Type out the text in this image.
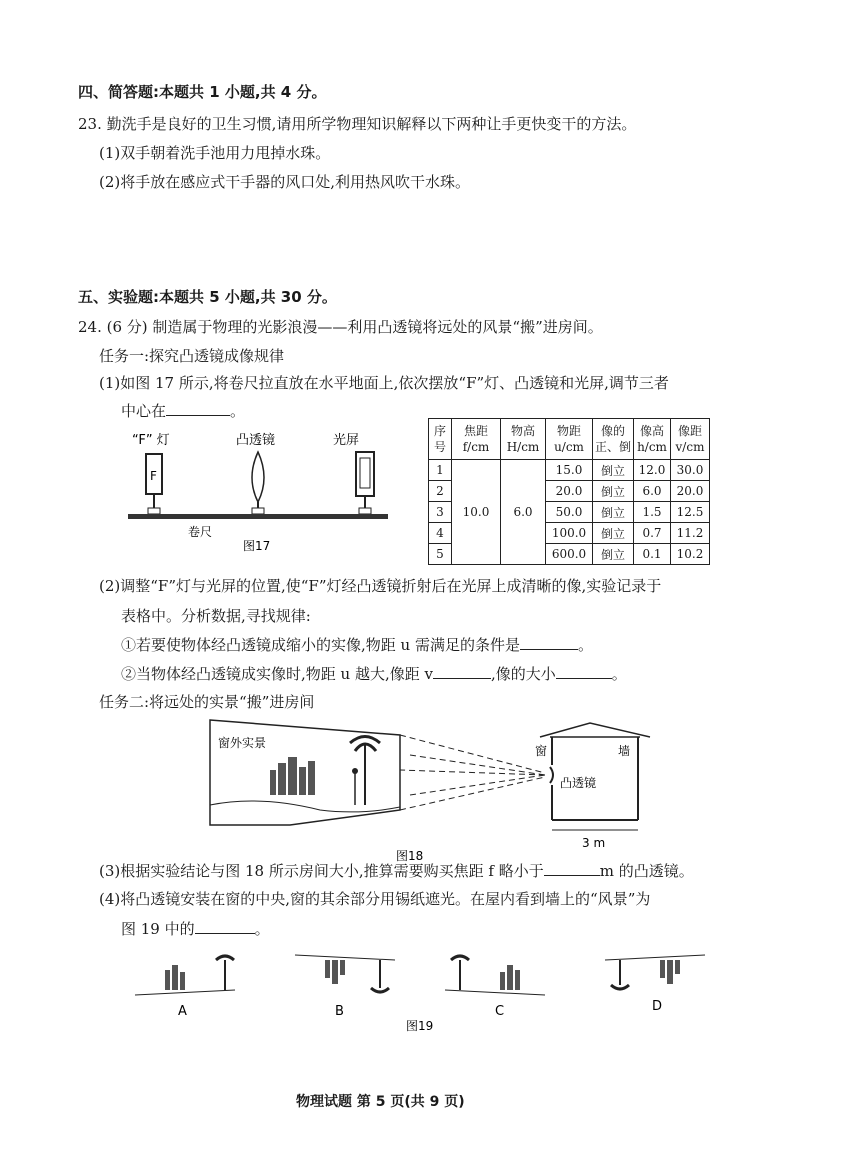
四、简答题:本题共 1 小题,共 4 分。
23. 勤洗手是良好的卫生习惯,请用所学物理知识解释以下两种让手更快变干的方法。
(1)双手朝着洗手池用力甩掉水珠。
(2)将手放在感应式干手器的风口处,利用热风吹干水珠。
五、实验题:本题共 5 小题,共 30 分。
24. (6 分) 制造属于物理的光影浪漫——利用凸透镜将远处的风景“搬”进房间。
任务一:探究凸透镜成像规律
(1)如图 17 所示,将卷尺拉直放在水平地面上,依次摆放“F”灯、凸透镜和光屏,调节三者
中心在	。
“F” 灯	凸透镜	光屏
F
卷尺
图17
序号	焦距 f/cm	物高 H/cm	物距 u/cm	像的 正、倒	像高 h/cm	像距 v/cm
1	10.0	6.0	15.0	倒立	12.0	30.0
2			20.0	倒立	6.0	20.0
3			50.0	倒立	1.5	12.5
4			100.0	倒立	0.7	11.2
5			600.0	倒立	0.1	10.2
(2)调整“F”灯与光屏的位置,使“F”灯经凸透镜折射后在光屏上成清晰的像,实验记录于
表格中。分析数据,寻找规律:
①若要使物体经凸透镜成缩小的实像,物距 u 需满足的条件是	。
②当物体经凸透镜成实像时,物距 u 越大,像距 v	,像的大小	。
任务二:将远处的实景“搬”进房间
窗外实景
窗	墙
凸透镜
3 m
图18
(3)根据实验结论与图 18 所示房间大小,推算需要购买焦距 f 略小于	m 的凸透镜。
(4)将凸透镜安装在窗的中央,窗的其余部分用锡纸遮光。在屋内看到墙上的“风景”为
图 19 中的	。
A	B	C	D
图19
物理试题 第 5 页(共 9 页)
